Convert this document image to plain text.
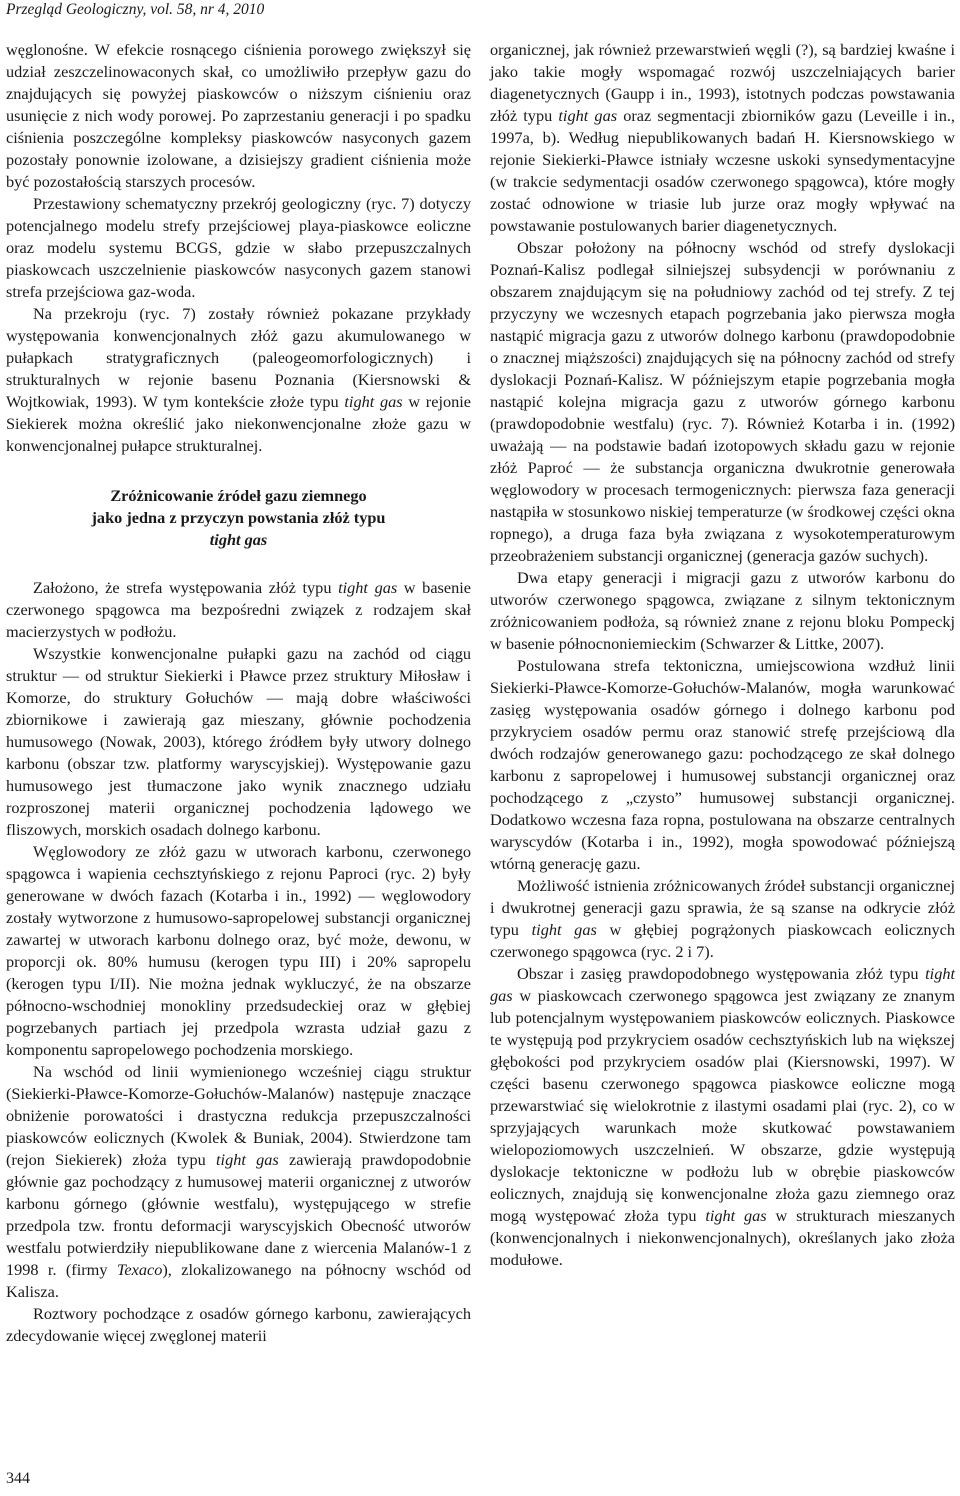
Przegląd Geologiczny, vol. 58, nr 4, 2010

węglonośne. W efekcie rosnącego ciśnienia porowego zwiększył się udział zeszczelinowaconych skał, co umożliwiło przepływ gazu do znajdujących się powyżej piaskowców o niższym ciśnieniu oraz usunięcie z nich wody porowej. Po zaprzestaniu generacji i po spadku ciśnienia poszczególne kompleksy piaskowców nasyconych gazem pozostały ponownie izolowane, a dzisiejszy gradient ciśnienia może być pozostałością starszych procesów.

Przestawiony schematyczny przekrój geologiczny (ryc. 7) dotyczy potencjalnego modelu strefy przejściowej playa-piaskowce eoliczne oraz modelu systemu BCGS, gdzie w słabo przepuszczalnych piaskowcach uszczelnienie piaskowców nasyconych gazem stanowi strefa przejściowa gaz-woda.

Na przekroju (ryc. 7) zostały również pokazane przykłady występowania konwencjonalnych złóż gazu akumulowanego w pułapkach stratygraficznych (paleogeomorfologicznych) i strukturalnych w rejonie basenu Poznania (Kiersnowski & Wojtkowiak, 1993). W tym kontekście złoże typu tight gas w rejonie Siekierek można określić jako niekonwencjonalne złoże gazu w konwencjonalnej pułapce strukturalnej.

Zróżnicowanie źródeł gazu ziemnego
jako jedna z przyczyn powstania złóż typu
tight gas

Założono, że strefa występowania złóż typu tight gas w basenie czerwonego spągowca ma bezpośredni związek z rodzajem skał macierzystych w podłożu.

Wszystkie konwencjonalne pułapki gazu na zachód od ciągu struktur — od struktur Siekierki i Pławce przez struktury Miłosław i Komorze, do struktury Gołuchów — mają dobre właściwości zbiornikowe i zawierają gaz mieszany, głównie pochodzenia humusowego (Nowak, 2003), którego źródłem były utwory dolnego karbonu (obszar tzw. platformy waryscyjskiej). Występowanie gazu humusowego jest tłumaczone jako wynik znacznego udziału rozproszonej materii organicznej pochodzenia lądowego we fliszowych, morskich osadach dolnego karbonu.

Węglowodory ze złóż gazu w utworach karbonu, czerwonego spągowca i wapienia cechsztyńskiego z rejonu Paproci (ryc. 2) były generowane w dwóch fazach (Kotarba i in., 1992) — węglowodory zostały wytworzone z humusowo-sapropelowej substancji organicznej zawartej w utworach karbonu dolnego oraz, być może, dewonu, w proporcji ok. 80% humusu (kerogen typu III) i 20% sapropelu (kerogen typu I/II). Nie można jednak wykluczyć, że na obszarze północno-wschodniej monokliny przedsudeckiej oraz w głębiej pogrzebanych partiach jej przedpola wzrasta udział gazu z komponentu sapropelowego pochodzenia morskiego.

Na wschód od linii wymienionego wcześniej ciągu struktur (Siekierki-Pławce-Komorze-Gołuchów-Malanów) następuje znaczące obniżenie porowatości i drastyczna redukcja przepuszczalności piaskowców eolicznych (Kwolek & Buniak, 2004). Stwierdzone tam (rejon Siekierek) złoża typu tight gas zawierają prawdopodobnie głównie gaz pochodzący z humusowej materii organicznej z utworów karbonu górnego (głównie westfalu), występującego w strefie przedpola tzw. frontu deformacji waryscyjskich Obecność utworów westfalu potwierdziły niepublikowane dane z wiercenia Malanów-1 z 1998 r. (firmy Texaco), zlokalizowanego na północny wschód od Kalisza.

Roztwory pochodzące z osadów górnego karbonu, zawierających zdecydowanie więcej zwęglonej materii

organicznej, jak również przewarstwień węgli (?), są bardziej kwaśne i jako takie mogły wspomagać rozwój uszczelniających barier diagenetycznych (Gaupp i in., 1993), istotnych podczas powstawania złóż typu tight gas oraz segmentacji zbiorników gazu (Leveille i in., 1997a, b). Według niepublikowanych badań H. Kiersnowskiego w rejonie Siekierki-Pławce istniały wczesne uskoki synsedymentacyjne (w trakcie sedymentacji osadów czerwonego spągowca), które mogły zostać odnowione w triasie lub jurze oraz mogły wpływać na powstawanie postulowanych barier diagenetycznych.

Obszar położony na północny wschód od strefy dyslokacji Poznań-Kalisz podlegał silniejszej subsydencji w porównaniu z obszarem znajdującym się na południowy zachód od tej strefy. Z tej przyczyny we wczesnych etapach pogrzebania jako pierwsza mogła nastąpić migracja gazu z utworów dolnego karbonu (prawdopodobnie o znacznej miąższości) znajdujących się na północny zachód od strefy dyslokacji Poznań-Kalisz. W późniejszym etapie pogrzebania mogła nastąpić kolejna migracja gazu z utworów górnego karbonu (prawdopodobnie westfalu) (ryc. 7). Również Kotarba i in. (1992) uważają — na podstawie badań izotopowych składu gazu w rejonie złóż Paproć — że substancja organiczna dwukrotnie generowała węglowodory w procesach termogenicznych: pierwsza faza generacji nastąpiła w stosunkowo niskiej temperaturze (w środkowej części okna ropnego), a druga faza była związana z wysokotemperaturowym przeobrażeniem substancji organicznej (generacja gazów suchych).

Dwa etapy generacji i migracji gazu z utworów karbonu do utworów czerwonego spągowca, związane z silnym tektonicznym zróżnicowaniem podłoża, są również znane z rejonu bloku Pompeckj w basenie północnoniemieckim (Schwarzer & Littke, 2007).

Postulowana strefa tektoniczna, umiejscowiona wzdłuż linii Siekierki-Pławce-Komorze-Gołuchów-Malanów, mogła warunkować zasięg występowania osadów górnego i dolnego karbonu pod przykryciem osadów permu oraz stanowić strefę przejściową dla dwóch rodzajów generowanego gazu: pochodzącego ze skał dolnego karbonu z sapropelowej i humusowej substancji organicznej oraz pochodzącego z „czysto” humusowej substancji organicznej. Dodatkowo wczesna faza ropna, postulowana na obszarze centralnych waryscydów (Kotarba i in., 1992), mogła spowodować późniejszą wtórną generację gazu.

Możliwość istnienia zróżnicowanych źródeł substancji organicznej i dwukrotnej generacji gazu sprawia, że są szanse na odkrycie złóż typu tight gas w głębiej pogrążonych piaskowcach eolicznych czerwonego spągowca (ryc. 2 i 7).

Obszar i zasięg prawdopodobnego występowania złóż typu tight gas w piaskowcach czerwonego spągowca jest związany ze znanym lub potencjalnym występowaniem piaskowców eolicznych. Piaskowce te występują pod przykryciem osadów cechsztyńskich lub na większej głębokości pod przykryciem osadów plai (Kiersnowski, 1997). W części basenu czerwonego spągowca piaskowce eoliczne mogą przewarstwiać się wielokrotnie z ilastymi osadami plai (ryc. 2), co w sprzyjających warunkach może skutkować powstawaniem wielopoziomowych uszczelnień. W obszarze, gdzie występują dyslokacje tektoniczne w podłożu lub w obrębie piaskowców eolicznych, znajdują się konwencjonalne złoża gazu ziemnego oraz mogą występować złoża typu tight gas w strukturach mieszanych (konwencjonalnych i niekonwencjonalnych), określanych jako złoża modułowe.

344
